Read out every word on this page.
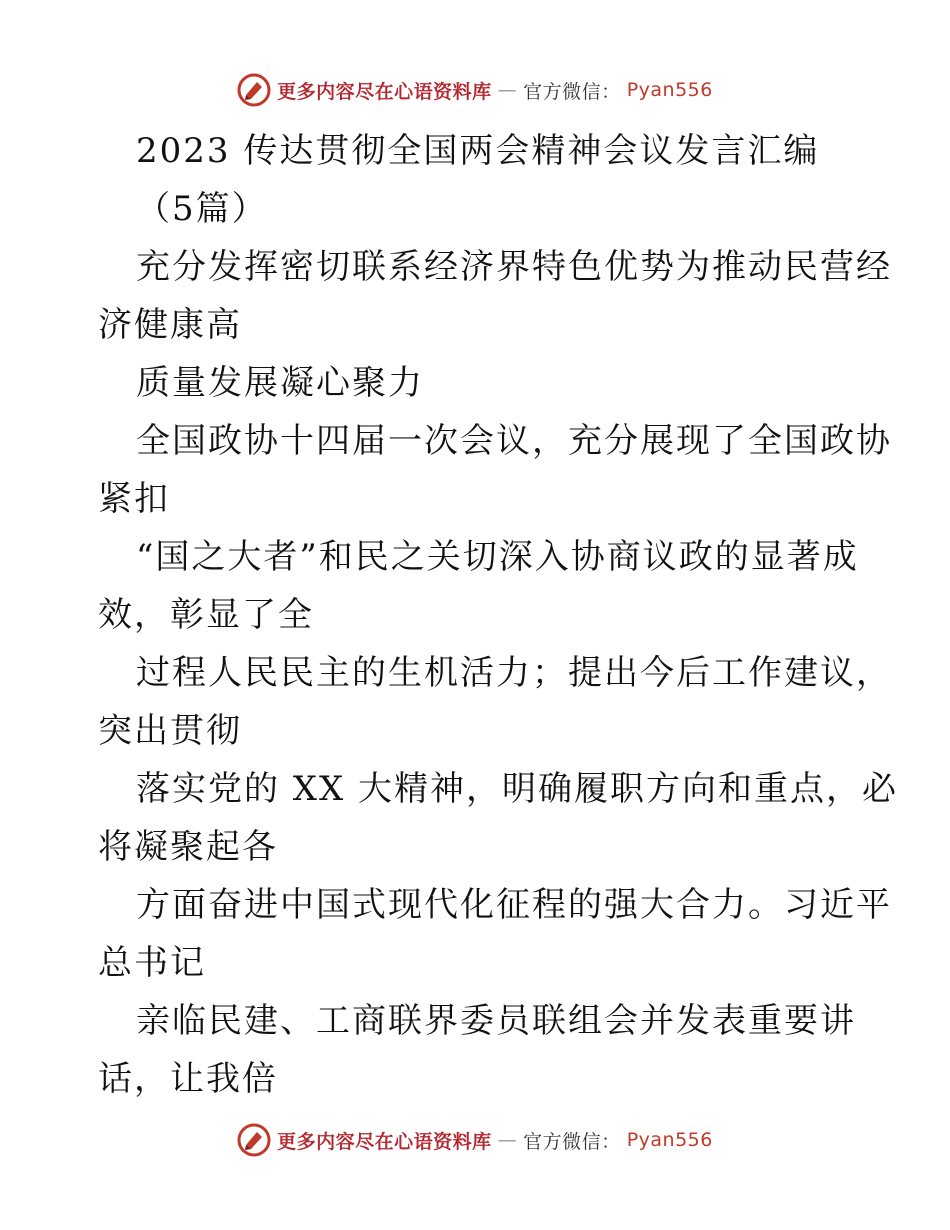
更多内容尽在心语资料库 — 官方微信： Pyan556
2023 传达贯彻全国两会精神会议发言汇编
（5篇）
充分发挥密切联系经济界特色优势为推动民营经
济健康高
质量发展凝心聚力
全国政协十四届一次会议，充分展现了全国政协
紧扣
“国之大者”和民之关切深入协商议政的显著成
效，彰显了全
过程人民民主的生机活力；提出今后工作建议，
突出贯彻
落实党的 XX 大精神，明确履职方向和重点，必
将凝聚起各
方面奋进中国式现代化征程的强大合力。习近平
总书记
亲临民建、工商联界委员联组会并发表重要讲
话，让我倍
更多内容尽在心语资料库 — 官方微信： Pyan556
